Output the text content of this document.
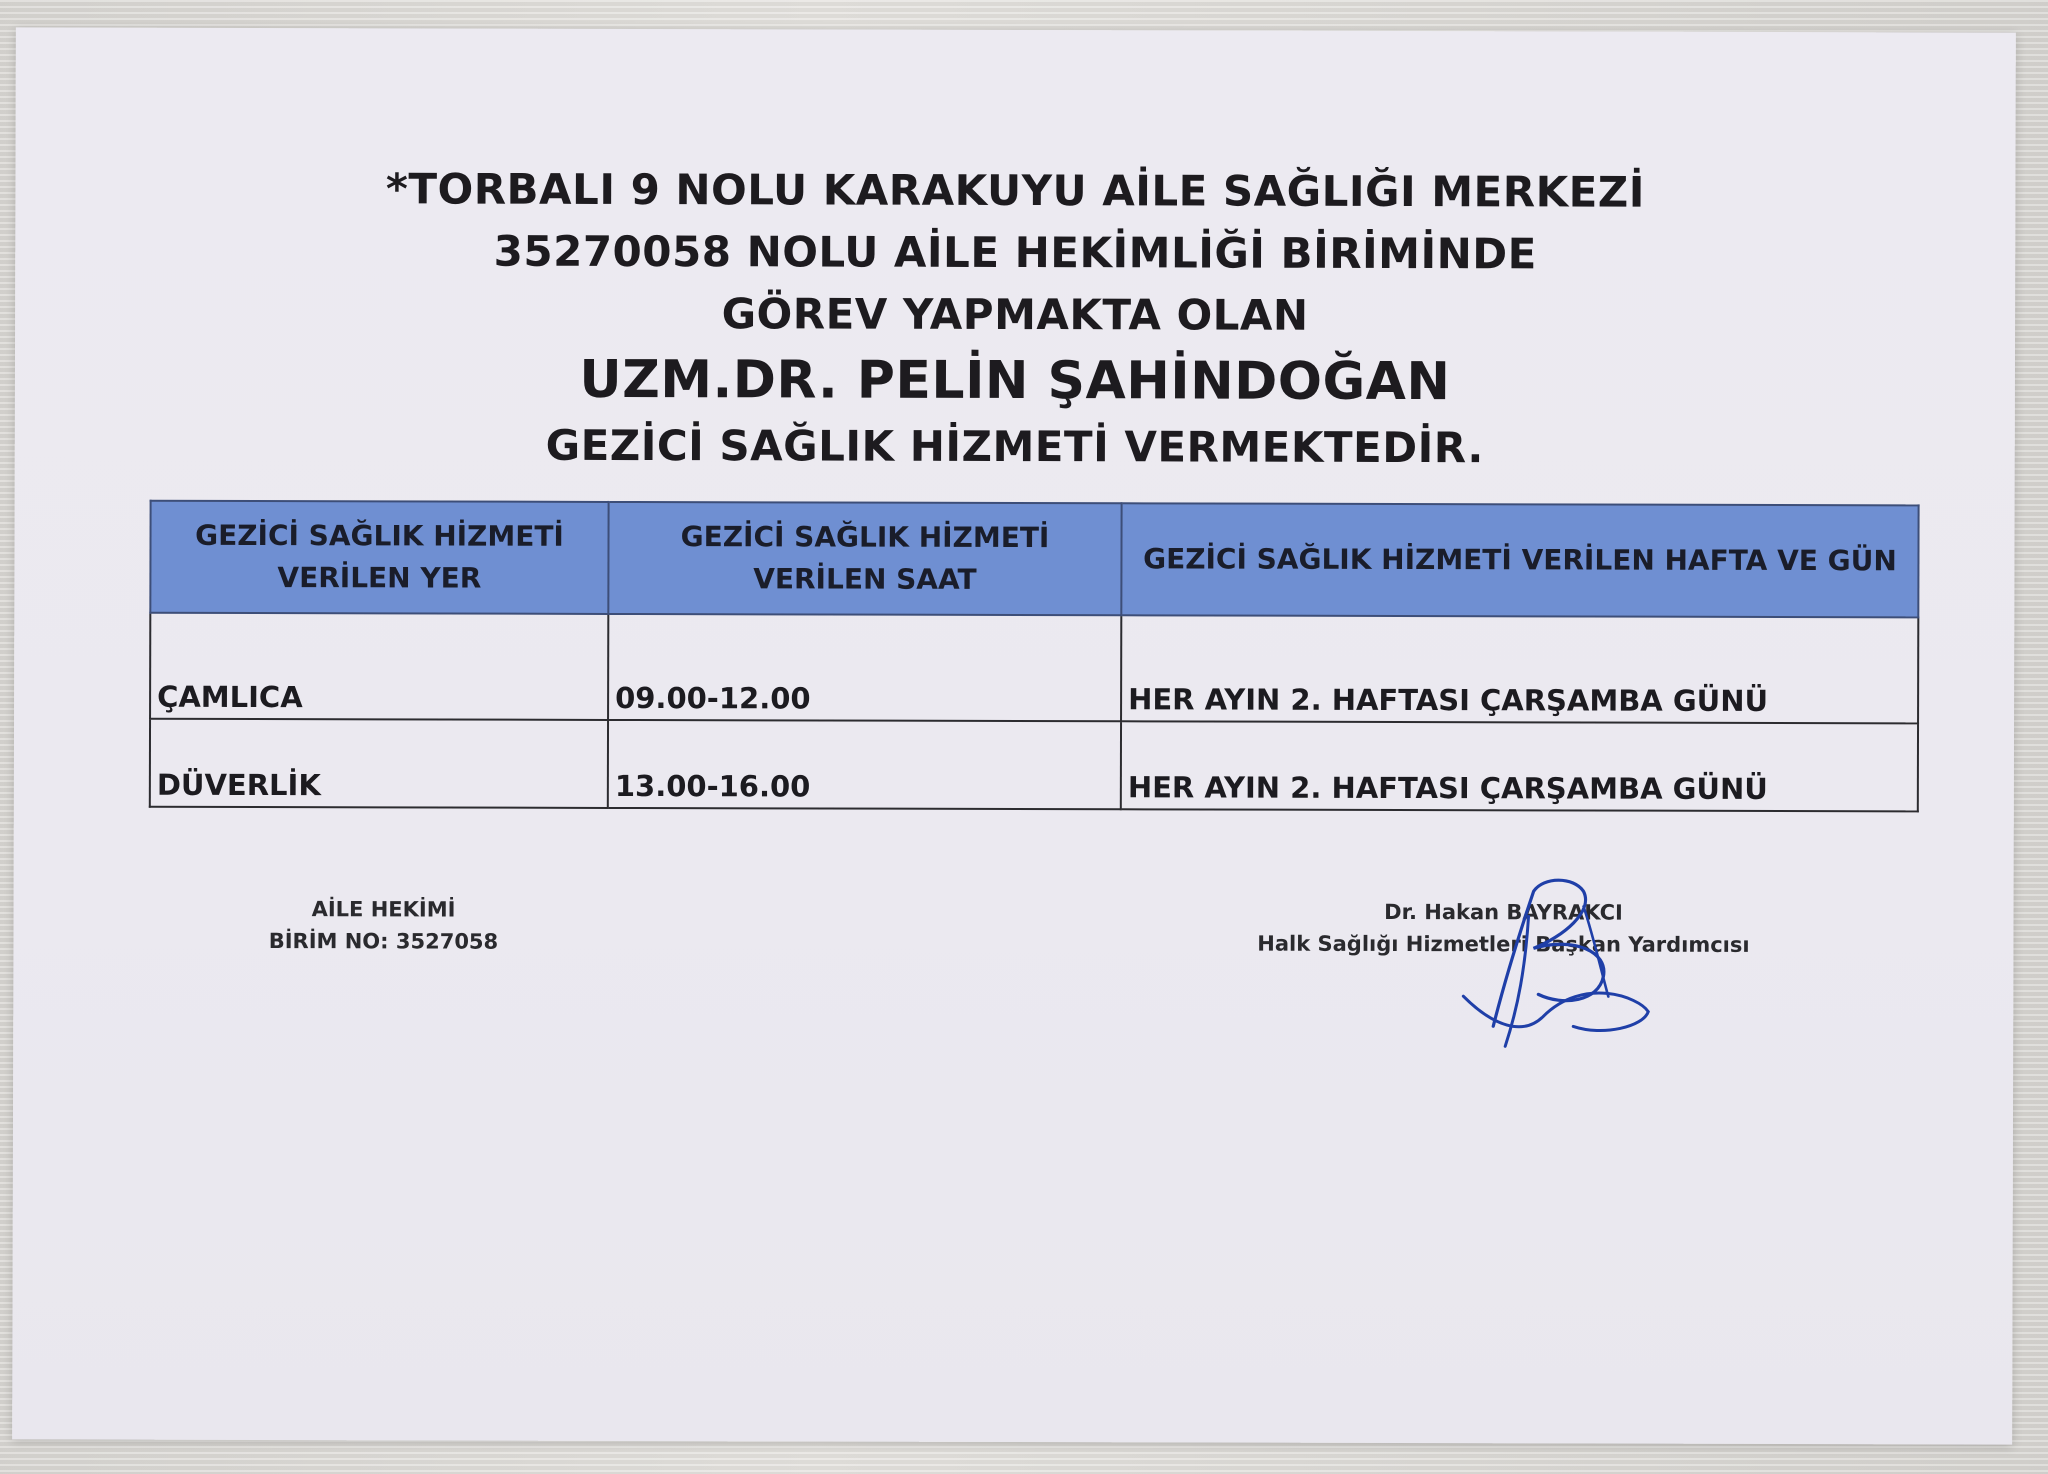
*TORBALI 9 NOLU KARAKUYU AİLE SAĞLIĞI MERKEZİ
35270058 NOLU AİLE HEKİMLİĞİ BİRİMİNDE
GÖREV YAPMAKTA OLAN
UZM.DR. PELİN ŞAHİNDOĞAN
GEZİCİ SAĞLIK HİZMETİ VERMEKTEDİR.
GEZİCİ SAĞLIK HİZMETİ VERİLEN YER	GEZİCİ SAĞLIK HİZMETİ VERİLEN SAAT	GEZİCİ SAĞLIK HİZMETİ VERİLEN HAFTA VE GÜN
ÇAMLICA	09.00-12.00	HER AYIN 2. HAFTASI ÇARŞAMBA GÜNÜ
DÜVERLİK	13.00-16.00	HER AYIN 2. HAFTASI ÇARŞAMBA GÜNÜ
AİLE HEKİMİ
BİRİM NO: 3527058
Dr. Hakan BAYRAKCI
Halk Sağlığı Hizmetleri Başkan Yardımcısı
